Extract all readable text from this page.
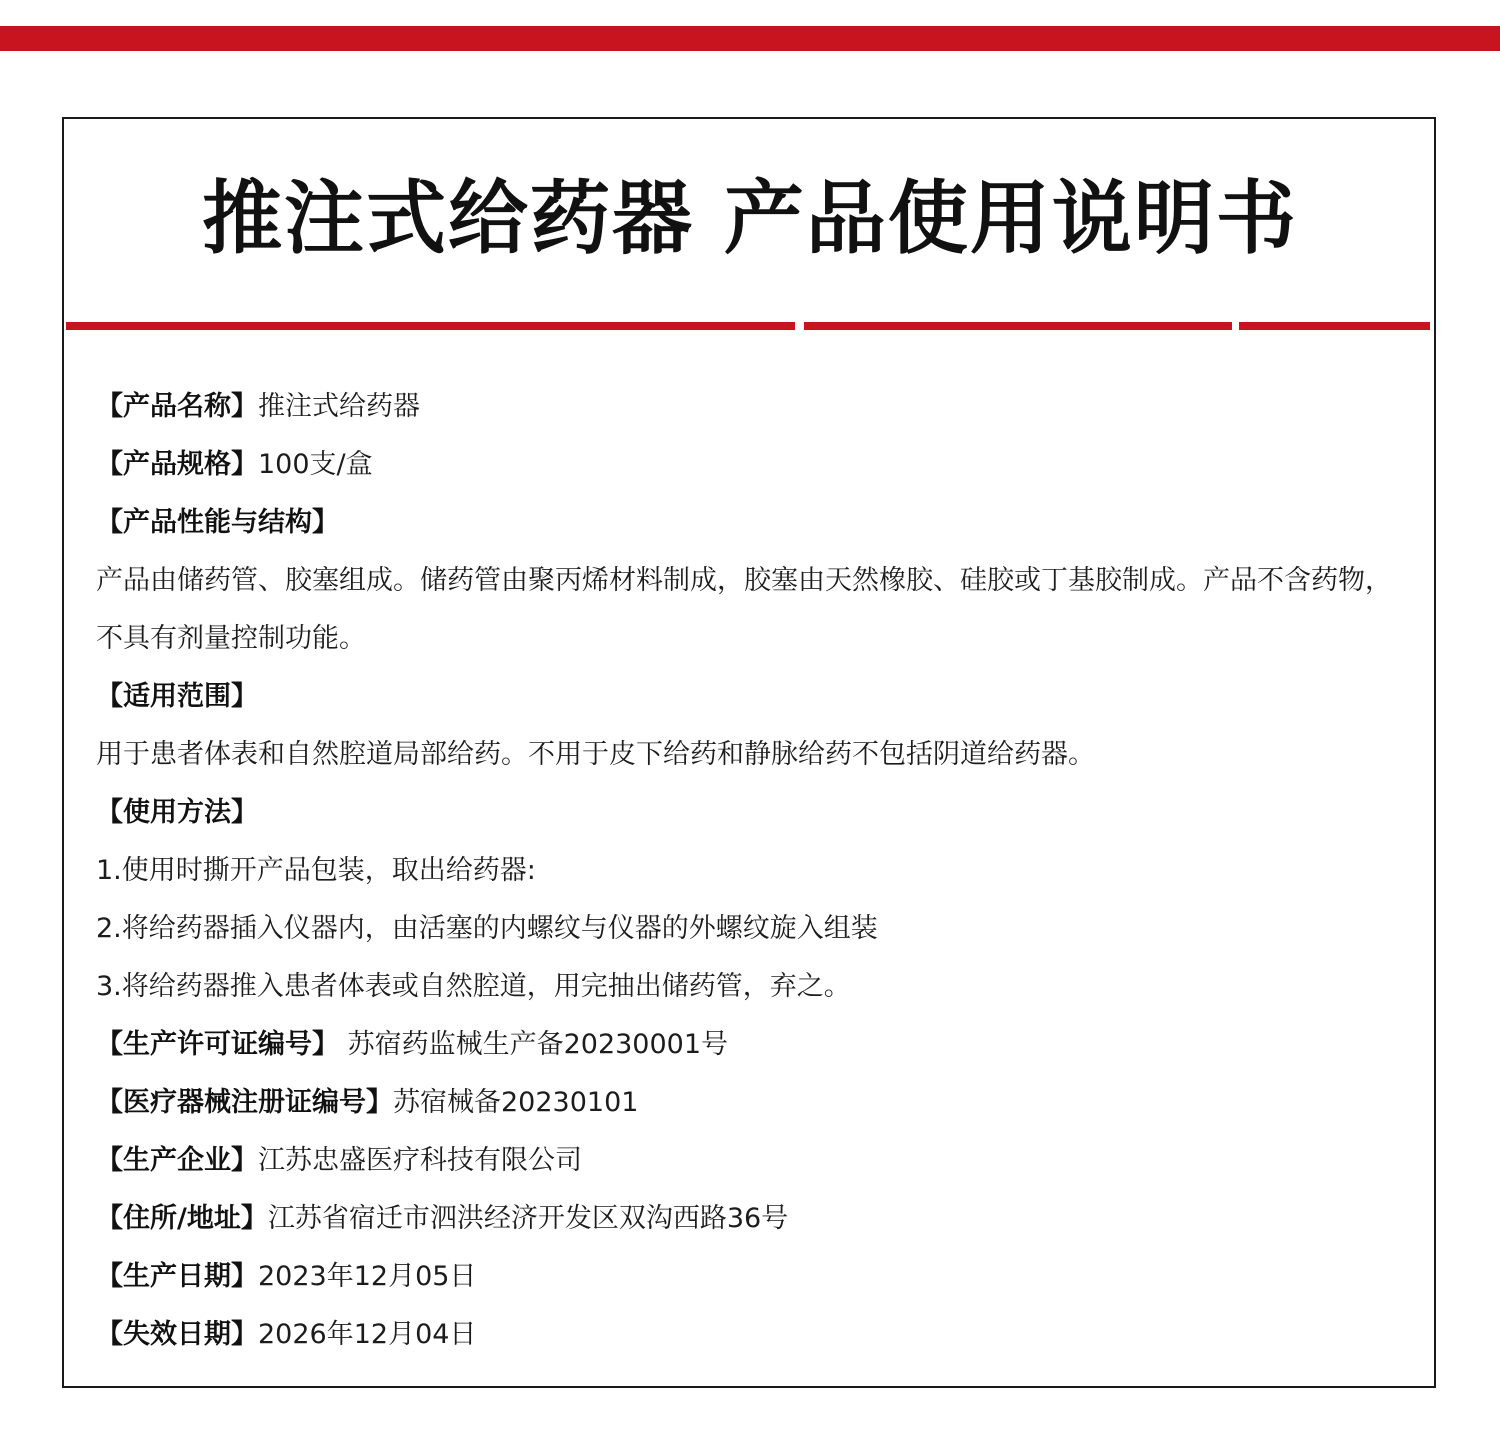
推注式给药器 产品使用说明书
【产品名称】推注式给药器
【产品规格】100支/盒
【产品性能与结构】
产品由储药管、胶塞组成。储药管由聚丙烯材料制成，胶塞由天然橡胶、硅胶或丁基胶制成。产品不含药物，
不具有剂量控制功能。
【适用范围】
用于患者体表和自然腔道局部给药。不用于皮下给药和静脉给药不包括阴道给药器。
【使用方法】
1.使用时撕开产品包装，取出给药器:
2.将给药器插入仪器内，由活塞的内螺纹与仪器的外螺纹旋入组装
3.将给药器推入患者体表或自然腔道，用完抽出储药管，弃之。
【生产许可证编号】 苏宿药监械生产备20230001号
【医疗器械注册证编号】苏宿械备20230101
【生产企业】江苏忠盛医疗科技有限公司
【住所/地址】江苏省宿迁市泗洪经济开发区双沟西路36号
【生产日期】2023年12月05日
【失效日期】2026年12月04日
